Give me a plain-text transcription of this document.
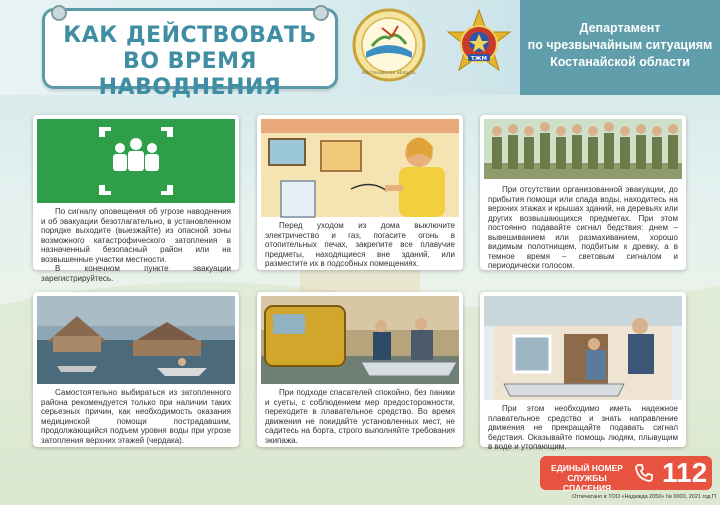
КАК ДЕЙСТВОВАТЬ
ВО ВРЕМЯ НАВОДНЕНИЯ
Костанайская область
ТЖМ
Департамент
по чрезвычайным ситуациям
Костанайской области

По сигналу оповещения об угрозе наводнения и об эвакуации безотлагательно, в установленном порядке выходите (выезжайте) из опасной зоны возможного катастрофического затопления в назначенный безопасный район или на возвышенные участки местности.

В конечном пункте эвакуации зарегистрируйтесь.

Перед уходом из дома выключите электричество и газ, погасите огонь в отопительных печах, закрепите все плавучие предметы, находящиеся вне зданий, или разместите их в подсобных помещениях.

При отсутствии организованной эвакуации, до прибытия помощи или спада воды, находитесь на верхних этажах и крышах зданий, на деревьях или других возвышающихся предметах. При этом постоянно подавайте сигнал бедствия: днем – вывешиванием или размахиванием, хорошо видимым полотнищем, подбитым к древку, а в темное время – световым сигналом и периодически голосом.

Самостоятельно выбираться из затопленного района рекомендуется только при наличии таких серьезных причин, как необходимость оказания медицинской помощи пострадавшим, продолжающийся подъем уровня воды при угрозе затопления верхних этажей (чердака).

При подходе спасателей спокойно, без паники и суеты, с соблюдением мер предосторожности, переходите в плавательное средство. Во время движения не покидайте установленных мест, не садитесь на борта, строго выполняйте требования экипажа.

При этом необходимо иметь надежное плавательное средство и знать направление движения не прекращайте подавать сигнал бедствия. Оказывайте помощь людям, плывущим в воде и утопающим.

ЕДИНЫЙ НОМЕР
СЛУЖБЫ СПАСЕНИЯ	112
Отпечатано в ТОО «Надежда 2050» № 0000, 2021 год П
